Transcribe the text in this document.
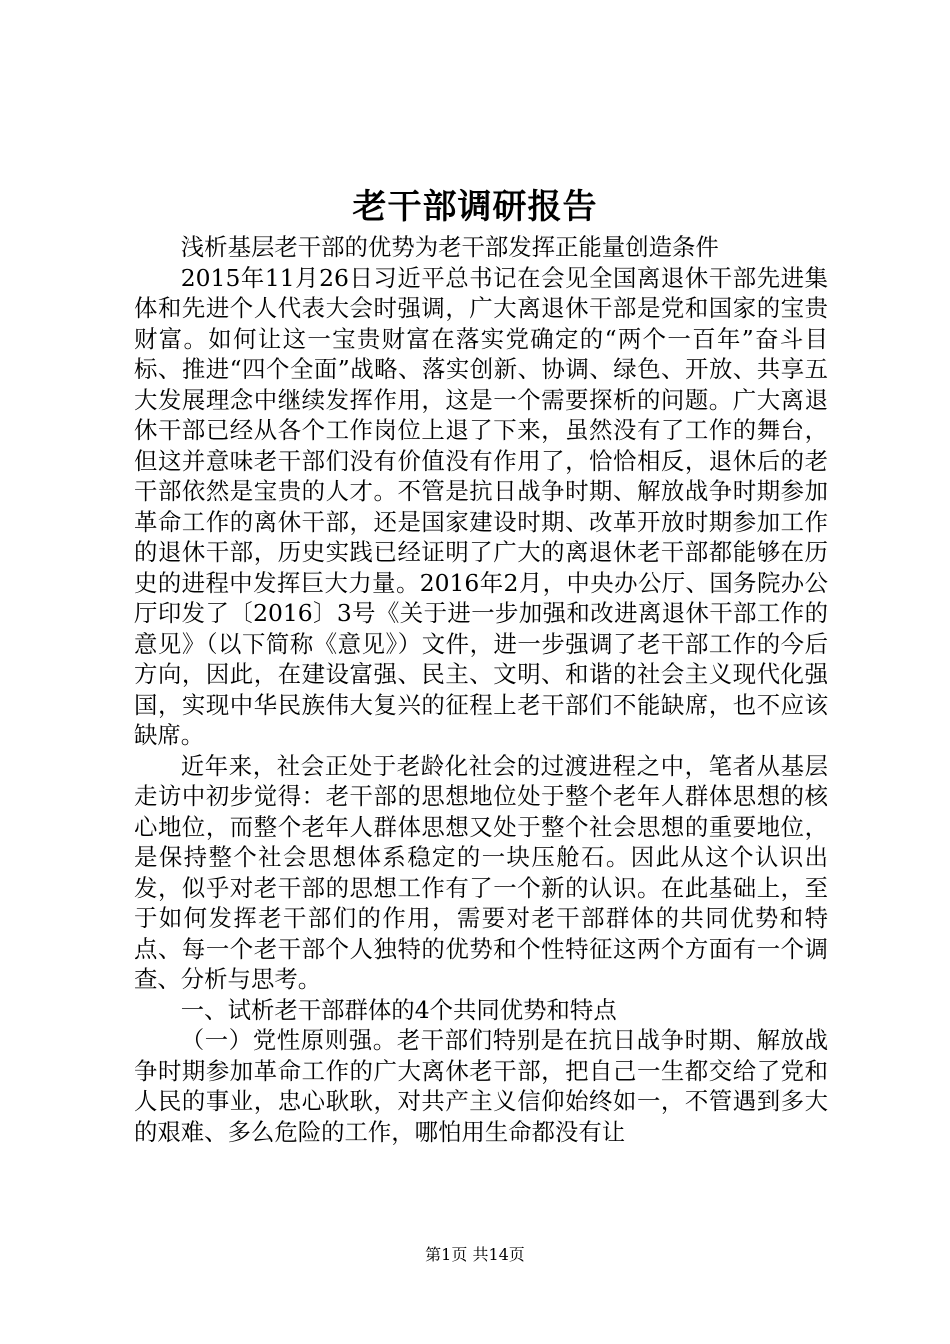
老干部调研报告

浅析基层老干部的优势为老干部发挥正能量创造条件

2015年11月26日习近平总书记在会见全国离退休干部先进集体和先进个人代表大会时强调，广大离退休干部是党和国家的宝贵财富。如何让这一宝贵财富在落实党确定的“两个一百年”奋斗目标、推进“四个全面”战略、落实创新、协调、绿色、开放、共享五大发展理念中继续发挥作用，这是一个需要探析的问题。广大离退休干部已经从各个工作岗位上退了下来，虽然没有了工作的舞台，但这并意味老干部们没有价值没有作用了，恰恰相反，退休后的老干部依然是宝贵的人才。不管是抗日战争时期、解放战争时期参加革命工作的离休干部，还是国家建设时期、改革开放时期参加工作的退休干部，历史实践已经证明了广大的离退休老干部都能够在历史的进程中发挥巨大力量。2016年2月，中央办公厅、国务院办公厅印发了〔2016〕3号《关于进一步加强和改进离退休干部工作的意见》（以下简称《意见》）文件，进一步强调了老干部工作的今后方向，因此，在建设富强、民主、文明、和谐的社会主义现代化强国，实现中华民族伟大复兴的征程上老干部们不能缺席，也不应该缺席。

近年来，社会正处于老龄化社会的过渡进程之中，笔者从基层走访中初步觉得：老干部的思想地位处于整个老年人群体思想的核心地位，而整个老年人群体思想又处于整个社会思想的重要地位，是保持整个社会思想体系稳定的一块压舱石。因此从这个认识出发，似乎对老干部的思想工作有了一个新的认识。在此基础上，至于如何发挥老干部们的作用，需要对老干部群体的共同优势和特点、每一个老干部个人独特的优势和个性特征这两个方面有一个调查、分析与思考。

一、试析老干部群体的4个共同优势和特点

（一）党性原则强。老干部们特别是在抗日战争时期、解放战争时期参加革命工作的广大离休老干部，把自己一生都交给了党和人民的事业，忠心耿耿，对共产主义信仰始终如一，不管遇到多大的艰难、多么危险的工作，哪怕用生命都没有让

第1页 共14页
